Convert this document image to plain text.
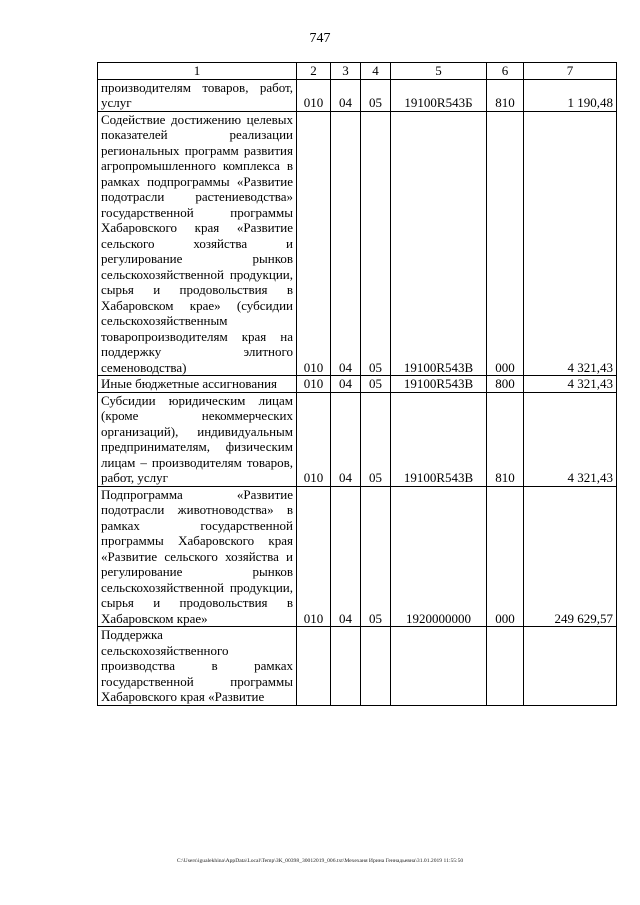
747
1	2	3	4	5	6	7
производителям товаров, работ, услуг	010	04	05	19100R543Б	810	1 190,48
Содействие достижению целевых показателей реализации региональных программ развития агропромышленного комплекса в рамках подпрограммы «Развитие подотрасли растениеводства» государственной программы Хабаровского края «Развитие сельского хозяйства и регулирование рынков сельскохозяйственной продукции, сырья и продовольствия в Хабаровском крае» (субсидии сельскохозяйственным товаропроизводителям края на поддержку элитного семеноводства)	010	04	05	19100R543В	000	4 321,43
Иные бюджетные ассигнования	010	04	05	19100R543В	800	4 321,43
Субсидии юридическим лицам (кроме некоммерческих организаций), индивидуальным предпринимателям, физическим лицам – производителям товаров, работ, услуг	010	04	05	19100R543В	810	4 321,43
Подпрограмма «Развитие подотрасли животноводства» в рамках государственной программы Хабаровского края «Развитие сельского хозяйства и регулирование рынков сельскохозяйственной продукции, сырья и продовольствия в Хабаровском крае»	010	04	05	1920000000	000	249 629,57
Поддержка сельскохозяйственного производства в рамках государственной программы Хабаровского края «Развитие						
C:\Users\igualekhina\AppData\Local\Temp\ЗК_00398_30012019_006.txt\Мехеханя Ирина Геннадьевна\31.01.2019 11:55:50
